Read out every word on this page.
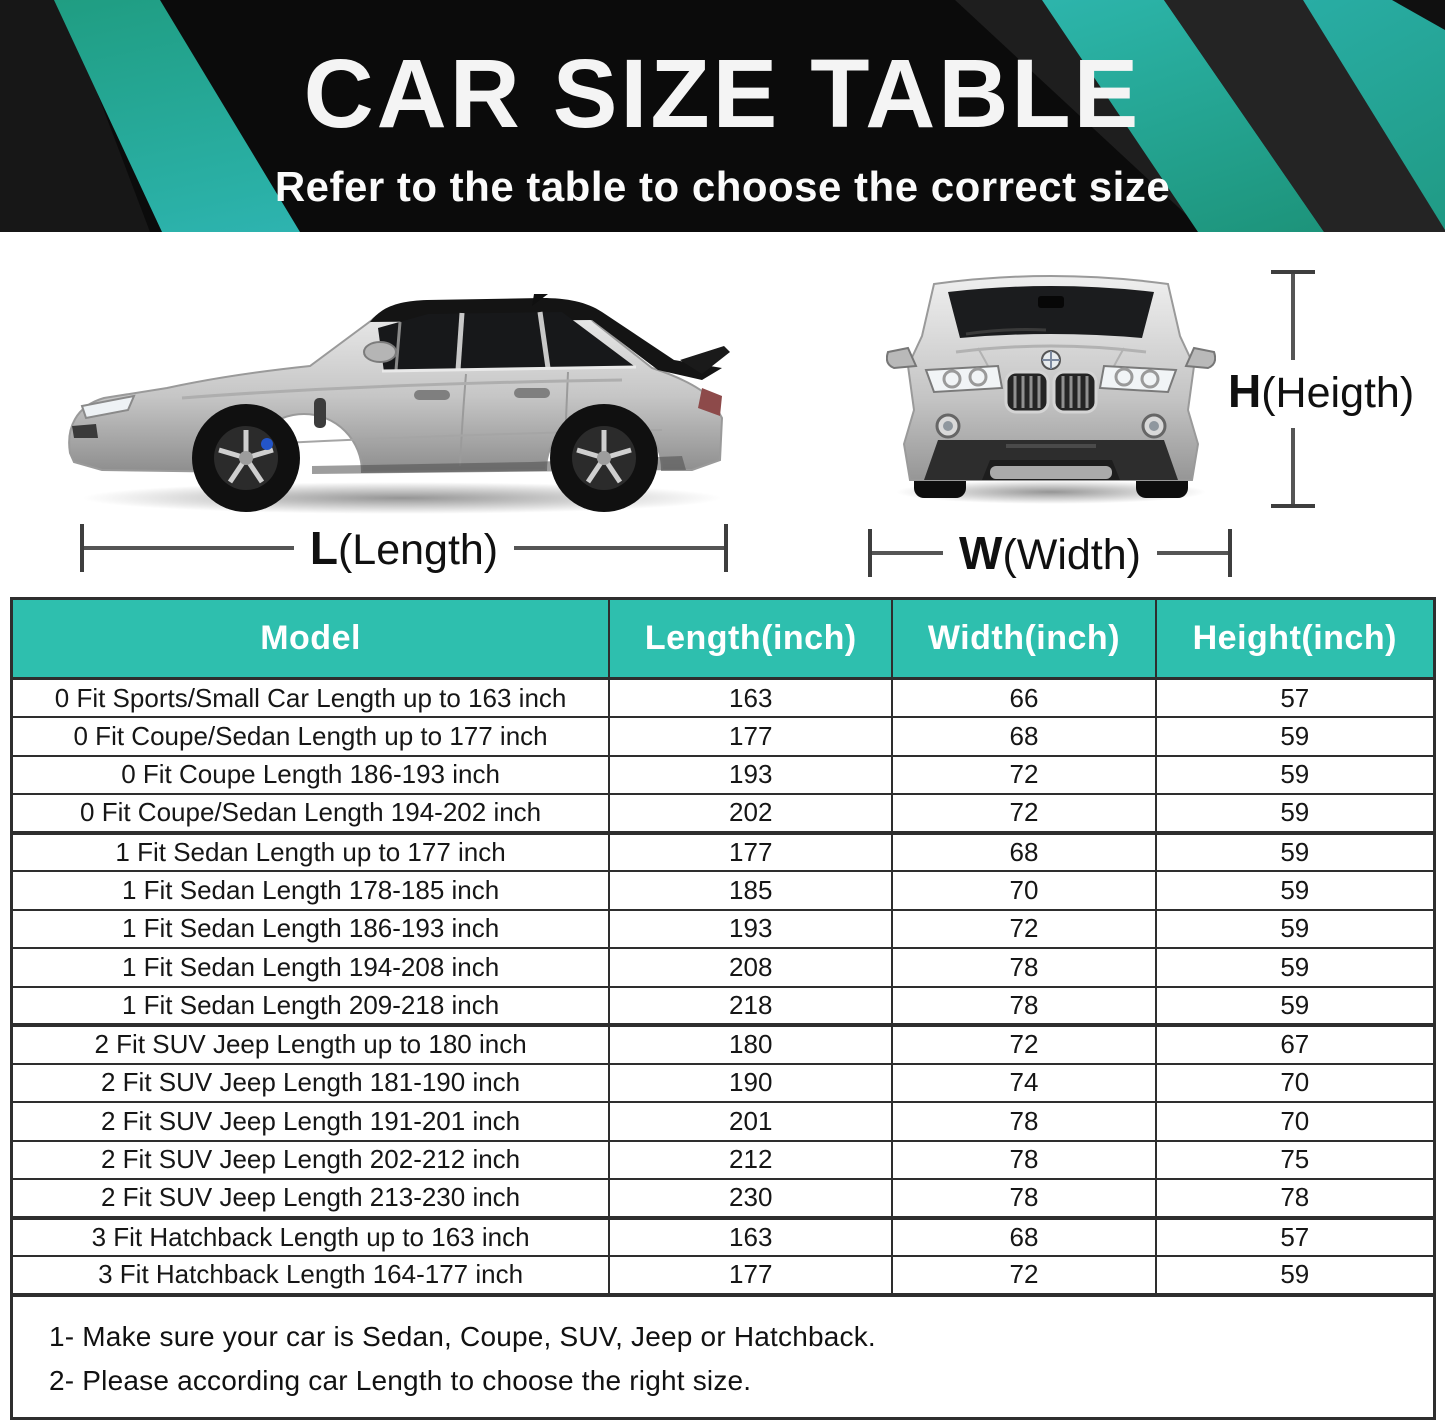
CAR SIZE TABLE
Refer to the table to choose the correct size
L(Length)	W(Width)
H(Heigth)
Model	Length(inch)	Width(inch)	Height(inch)
0 Fit Sports/Small Car Length up to 163 inch	163	66	57
0 Fit Coupe/Sedan Length up to 177 inch	177	68	59
0 Fit Coupe Length 186-193 inch	193	72	59
0 Fit Coupe/Sedan Length 194-202 inch	202	72	59
1 Fit Sedan Length up to 177 inch	177	68	59
1 Fit Sedan Length 178-185 inch	185	70	59
1 Fit Sedan Length 186-193 inch	193	72	59
1 Fit Sedan Length 194-208 inch	208	78	59
1 Fit Sedan Length 209-218 inch	218	78	59
2 Fit SUV Jeep Length up to 180 inch	180	72	67
2 Fit SUV Jeep Length 181-190 inch	190	74	70
2 Fit SUV Jeep Length 191-201 inch	201	78	70
2 Fit SUV Jeep Length 202-212 inch	212	78	75
2 Fit SUV Jeep Length 213-230 inch	230	78	78
3 Fit Hatchback Length up to 163 inch	163	68	57
3 Fit Hatchback Length 164-177 inch	177	72	59

1- Make sure your car is Sedan, Coupe, SUV, Jeep or Hatchback.
2- Please according car Length to choose the right size.			
